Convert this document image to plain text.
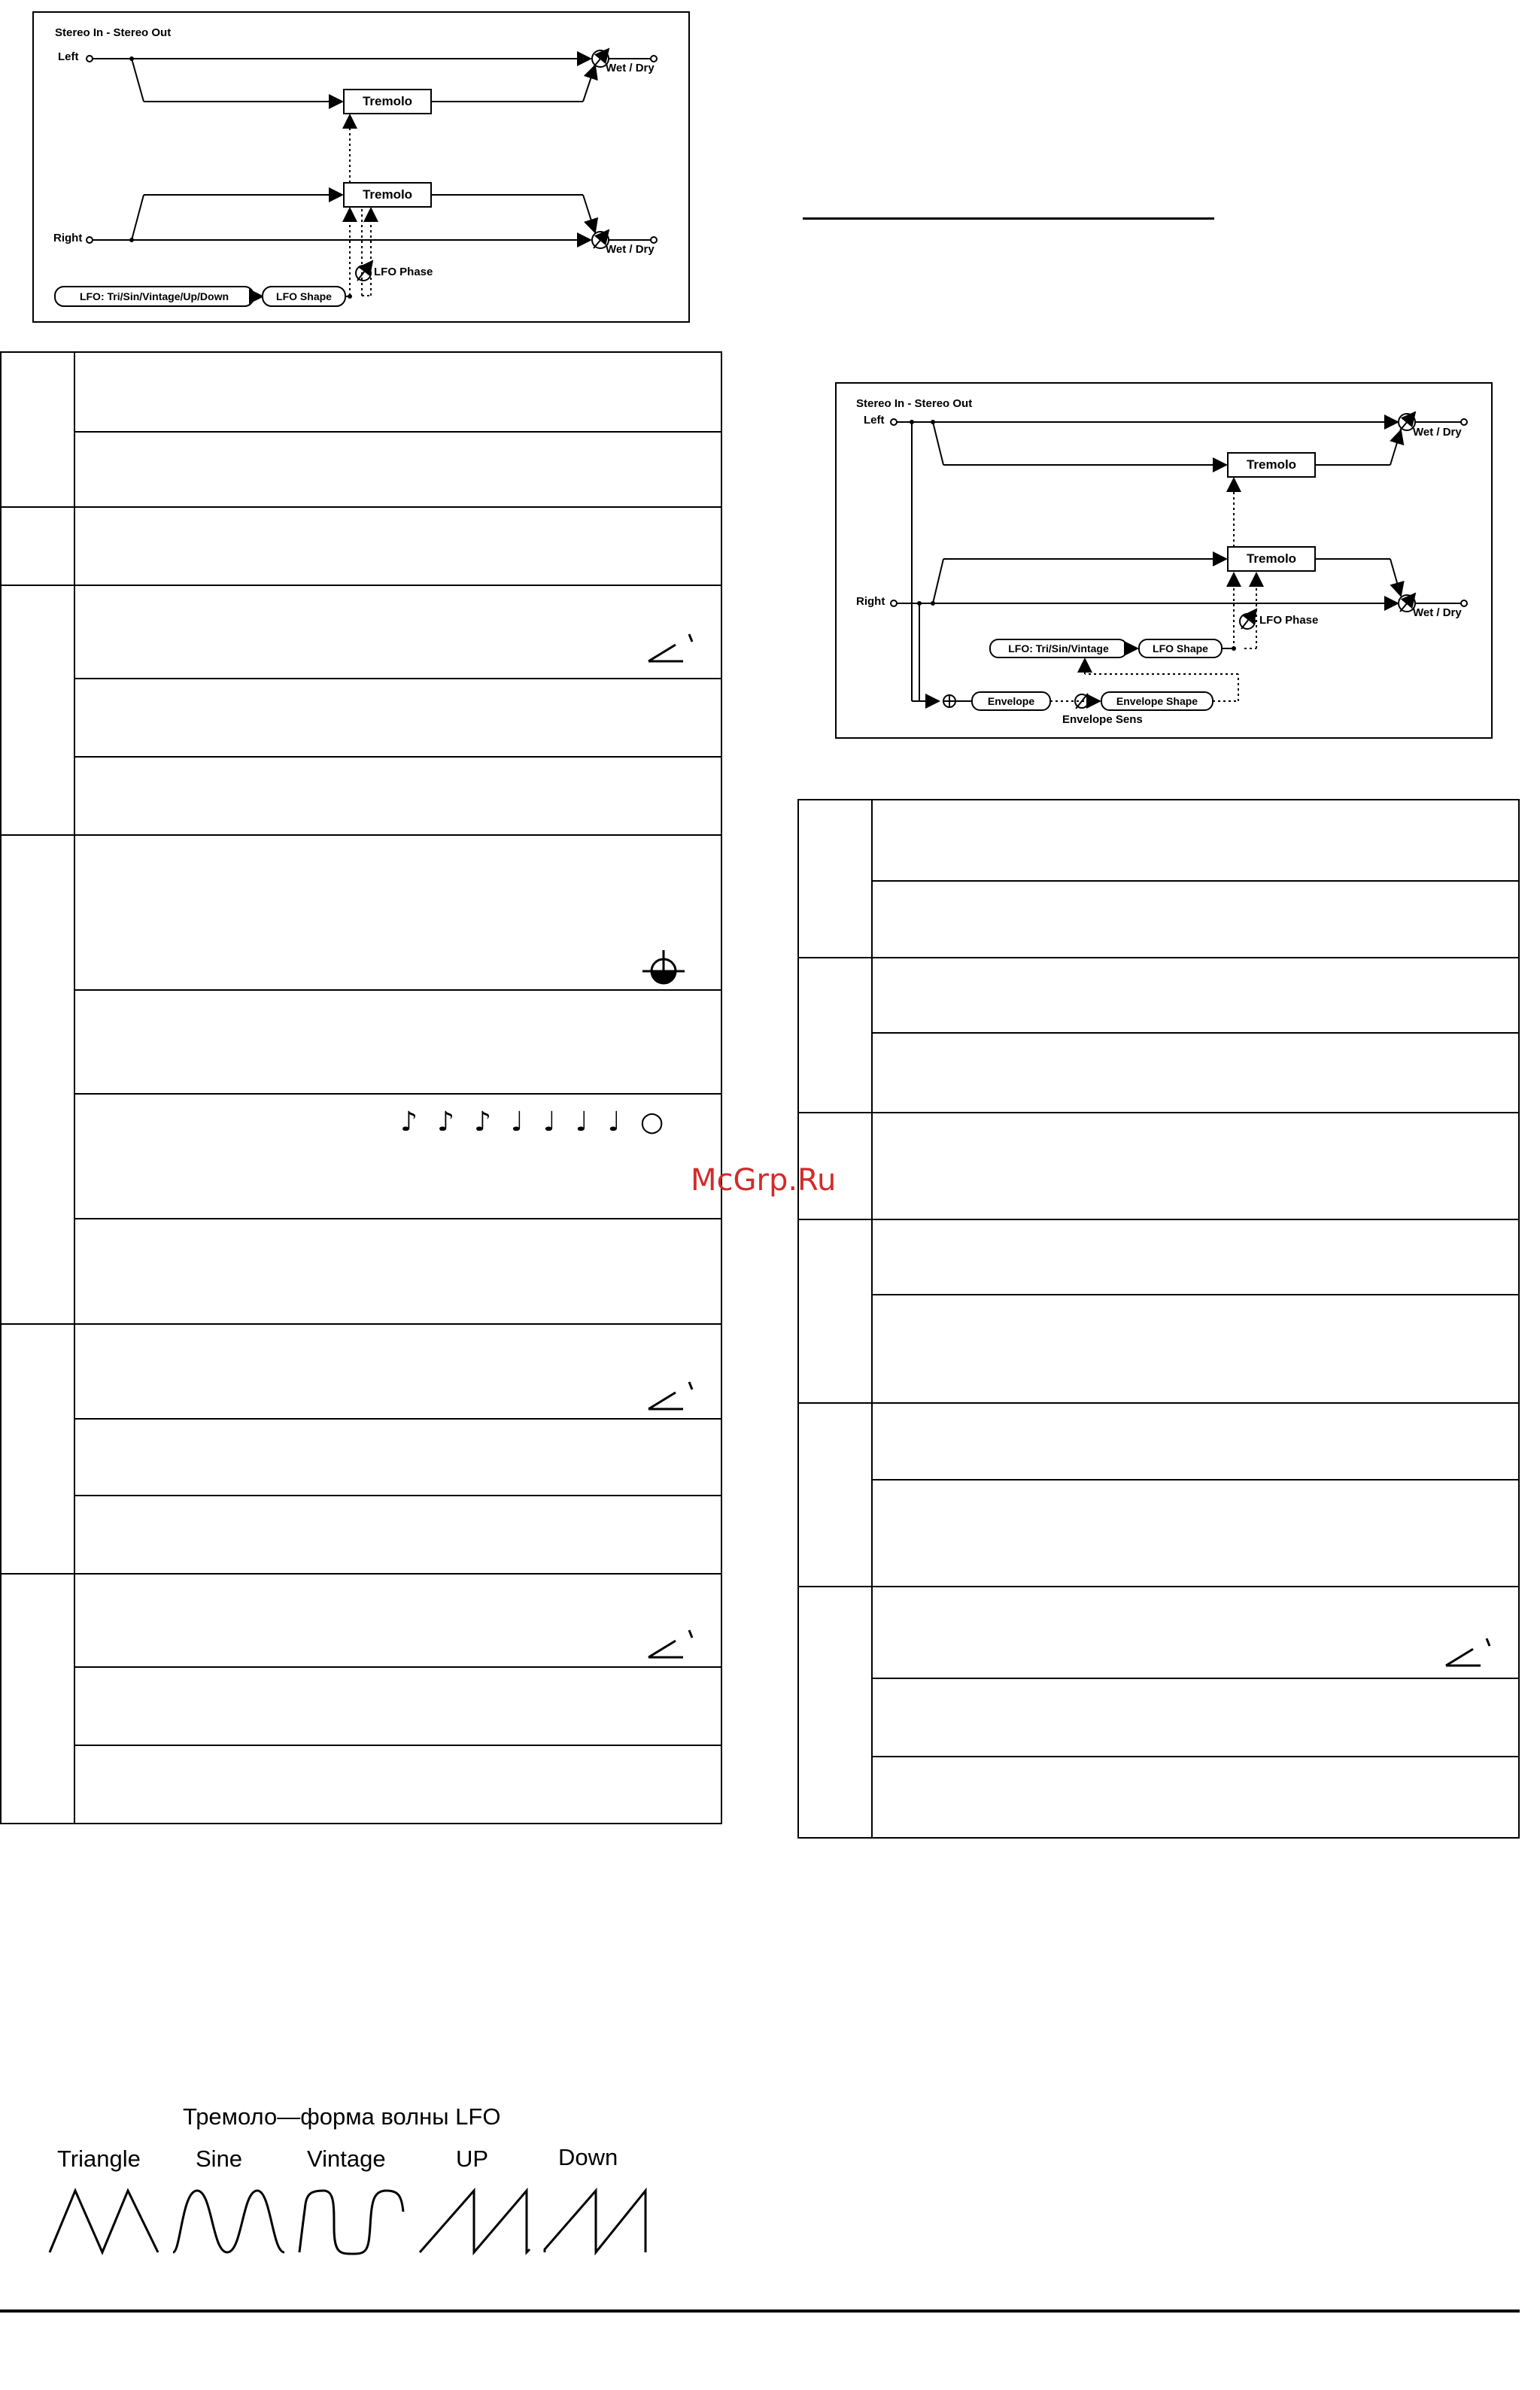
Stereo In - Stereo Out
Left
Right
Tremolo
Tremolo
Wet / Dry
Wet / Dry
LFO Phase
LFO: Tri/Sin/Vintage/Up/Down	LFO Shape
Stereo In - Stereo Out
Left
Right
Tremolo
Tremolo
Wet / Dry
Wet / Dry
LFO Phase
LFO: Tri/Sin/Vintage	LFO Shape
Envelope	Envelope Shape
Envelope Sens
♪♪♪♩♩♩♩○
McGrp.Ru
Тремоло—форма волны LFO
Triangle Sine	Vintage	UP	Down
